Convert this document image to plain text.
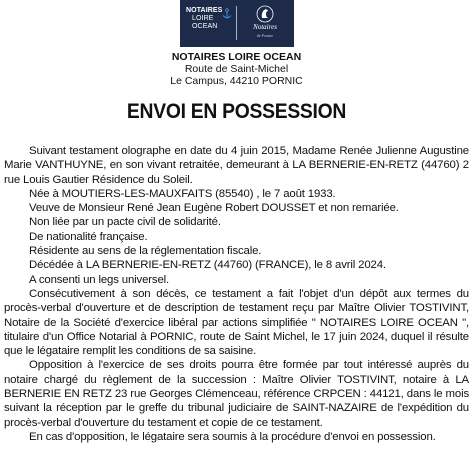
NOTAIRES
LOIRE
OCEAN	Notaires
de France
NOTAIRES LOIRE OCEAN
Route de Saint-Michel
Le Campus, 44210 PORNIC
ENVOI EN POSSESSION

Suivant testament olographe en date du 4 juin 2015, Madame Renée Julienne Augustine Marie VANTHUYNE, en son vivant retraitée, demeurant à LA BERNERIE-EN-RETZ (44760) 2 rue Louis Gautier Résidence du Soleil.

Née à MOUTIERS-LES-MAUXFAITS (85540) , le 7 août 1933.

Veuve de Monsieur René Jean Eugène Robert DOUSSET et non remariée.

Non liée par un pacte civil de solidarité.

De nationalité française.

Résidente au sens de la réglementation fiscale.

Décédée à LA BERNERIE-EN-RETZ (44760) (FRANCE), le 8 avril 2024.

A consenti un legs universel.

Consécutivement à son décès, ce testament a fait l'objet d'un dépôt aux termes du procès-verbal d'ouverture et de description de testament reçu par Maître Olivier TOSTIVINT, Notaire de la Société d'exercice libéral par actions simplifiée " NOTAIRES LOIRE OCEAN ", titulaire d'un Office Notarial à PORNIC, route de Saint Michel, le 17 juin 2024, duquel il résulte que le légataire remplit les conditions de sa saisine.

Opposition à l'exercice de ses droits pourra être formée par tout intéressé auprès du notaire chargé du règlement de la succession : Maître Olivier TOSTIVINT, notaire à LA BERNERIE EN RETZ 23 rue Georges Clémenceau, référence CRPCEN : 44121, dans le mois suivant la réception par le greffe du tribunal judiciaire de SAINT-NAZAIRE de l'expédition du procès-verbal d'ouverture du testament et copie de ce testament.

En cas d'opposition, le légataire sera soumis à la procédure d'envoi en possession.
